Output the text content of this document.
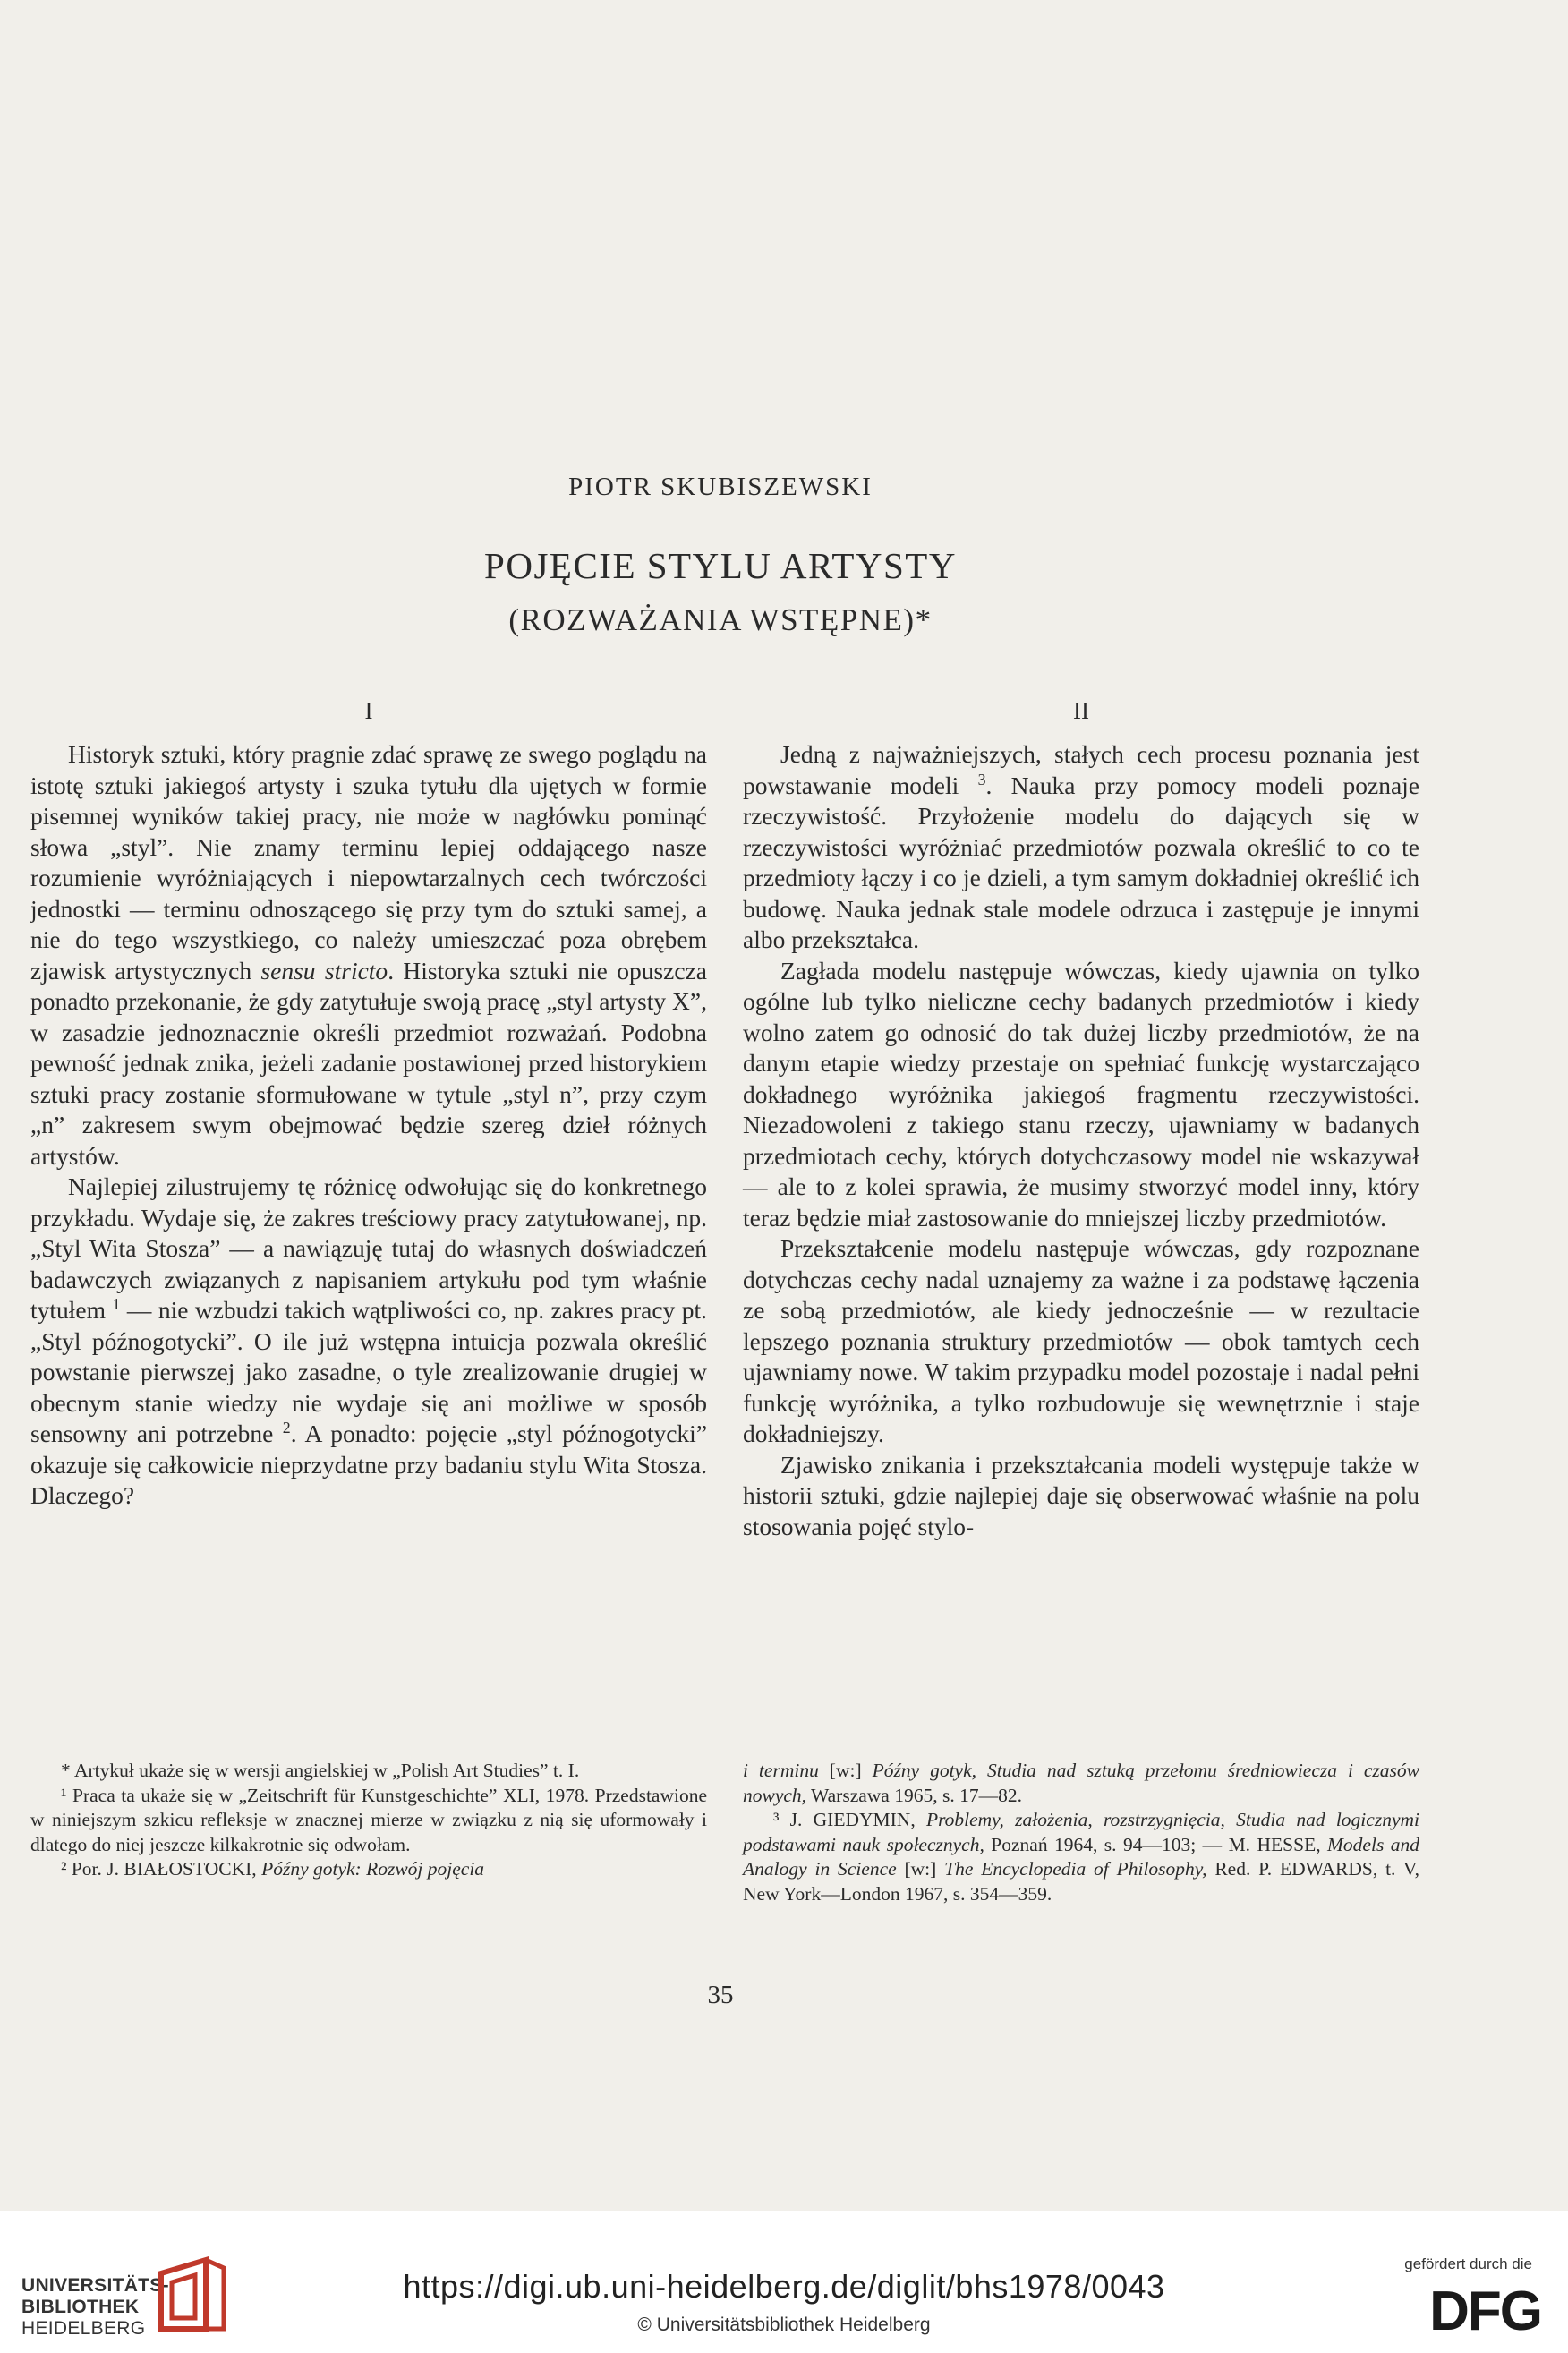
PIOTR SKUBISZEWSKI
POJĘCIE STYLU ARTYSTY
(ROZWAŻANIA WSTĘPNE)*
I

Historyk sztuki, który pragnie zdać sprawę ze swego poglądu na istotę sztuki jakiegoś artysty i szuka tytułu dla ujętych w formie pisemnej wyników takiej pracy, nie może w nagłówku pominąć słowa „styl”. Nie znamy terminu lepiej oddającego nasze rozumienie wyróżniających i niepowtarzalnych cech twórczości jednostki — terminu odnoszącego się przy tym do sztuki samej, a nie do tego wszystkiego, co należy umieszczać poza obrębem zjawisk artystycznych sensu stricto. Historyka sztuki nie opuszcza ponadto przekonanie, że gdy zatytułuje swoją pracę „styl artysty X”, w zasadzie jednoznacznie określi przedmiot rozważań. Podobna pewność jednak znika, jeżeli zadanie postawionej przed historykiem sztuki pracy zostanie sformułowane w tytule „styl n”, przy czym „n” zakresem swym obejmować będzie szereg dzieł różnych artystów.

Najlepiej zilustrujemy tę różnicę odwołując się do konkretnego przykładu. Wydaje się, że zakres treściowy pracy zatytułowanej, np. „Styl Wita Stosza” — a nawiązuję tutaj do własnych doświadczeń badawczych związanych z napisaniem artykułu pod tym właśnie tytułem $^1$ — nie wzbudzi takich wątpliwości co, np. zakres pracy pt. „Styl późnogotycki”. O ile już wstępna intuicja pozwala określić powstanie pierwszej jako zasadne, o tyle zrealizowanie drugiej w obecnym stanie wiedzy nie wydaje się ani możliwe w sposób sensowny ani potrzebne $^2$. A ponadto: pojęcie „styl późnogotycki” okazuje się całkowicie nieprzydatne przy badaniu stylu Wita Stosza. Dlaczego?

II

Jedną z najważniejszych, stałych cech procesu poznania jest powstawanie modeli $^3$. Nauka przy pomocy modeli poznaje rzeczywistość. Przyłożenie modelu do dających się w rzeczywistości wyróżniać przedmiotów pozwala określić to co te przedmioty łączy i co je dzieli, a tym samym dokładniej określić ich budowę. Nauka jednak stale modele odrzuca i zastępuje je innymi albo przekształca.

Zagłada modelu następuje wówczas, kiedy ujawnia on tylko ogólne lub tylko nieliczne cechy badanych przedmiotów i kiedy wolno zatem go odnosić do tak dużej liczby przedmiotów, że na danym etapie wiedzy przestaje on spełniać funkcję wystarczająco dokładnego wyróżnika jakiegoś fragmentu rzeczywistości. Niezadowoleni z takiego stanu rzeczy, ujawniamy w badanych przedmiotach cechy, których dotychczasowy model nie wskazywał — ale to z kolei sprawia, że musimy stworzyć model inny, który teraz będzie miał zastosowanie do mniejszej liczby przedmiotów.

Przekształcenie modelu następuje wówczas, gdy rozpoznane dotychczas cechy nadal uznajemy za ważne i za podstawę łączenia ze sobą przedmiotów, ale kiedy jednocześnie — w rezultacie lepszego poznania struktury przedmiotów — obok tamtych cech ujawniamy nowe. W takim przypadku model pozostaje i nadal pełni funkcję wyróżnika, a tylko rozbudowuje się wewnętrznie i staje dokładniejszy.

Zjawisko znikania i przekształcania modeli występuje także w historii sztuki, gdzie najlepiej daje się obserwować właśnie na polu stosowania pojęć stylo-

* Artykuł ukaże się w wersji angielskiej w „Polish Art Studies” t. I.

¹ Praca ta ukaże się w „Zeitschrift für Kunstgeschichte” XLI, 1978. Przedstawione w niniejszym szkicu refleksje w znacznej mierze w związku z nią się uformowały i dlatego do niej jeszcze kilkakrotnie się odwołam.

² Por. J. BIAŁOSTOCKI, Późny gotyk: Rozwój pojęcia

i terminu [w:] Późny gotyk, Studia nad sztuką przełomu średniowiecza i czasów nowych, Warszawa 1965, s. 17—82.

³ J. GIEDYMIN, Problemy, założenia, rozstrzygnięcia, Studia nad logicznymi podstawami nauk społecznych, Poznań 1964, s. 94—103; — M. HESSE, Models and Analogy in Science [w:] The Encyclopedia of Philosophy, Red. P. EDWARDS, t. V, New York—London 1967, s. 354—359.

35
UNIVERSITÄTS-
BIBLIOTHEK
HEIDELBERG
https://digi.ub.uni-heidelberg.de/diglit/bhs1978/0043
© Universitätsbibliothek Heidelberg
gefördert durch die
DFG
